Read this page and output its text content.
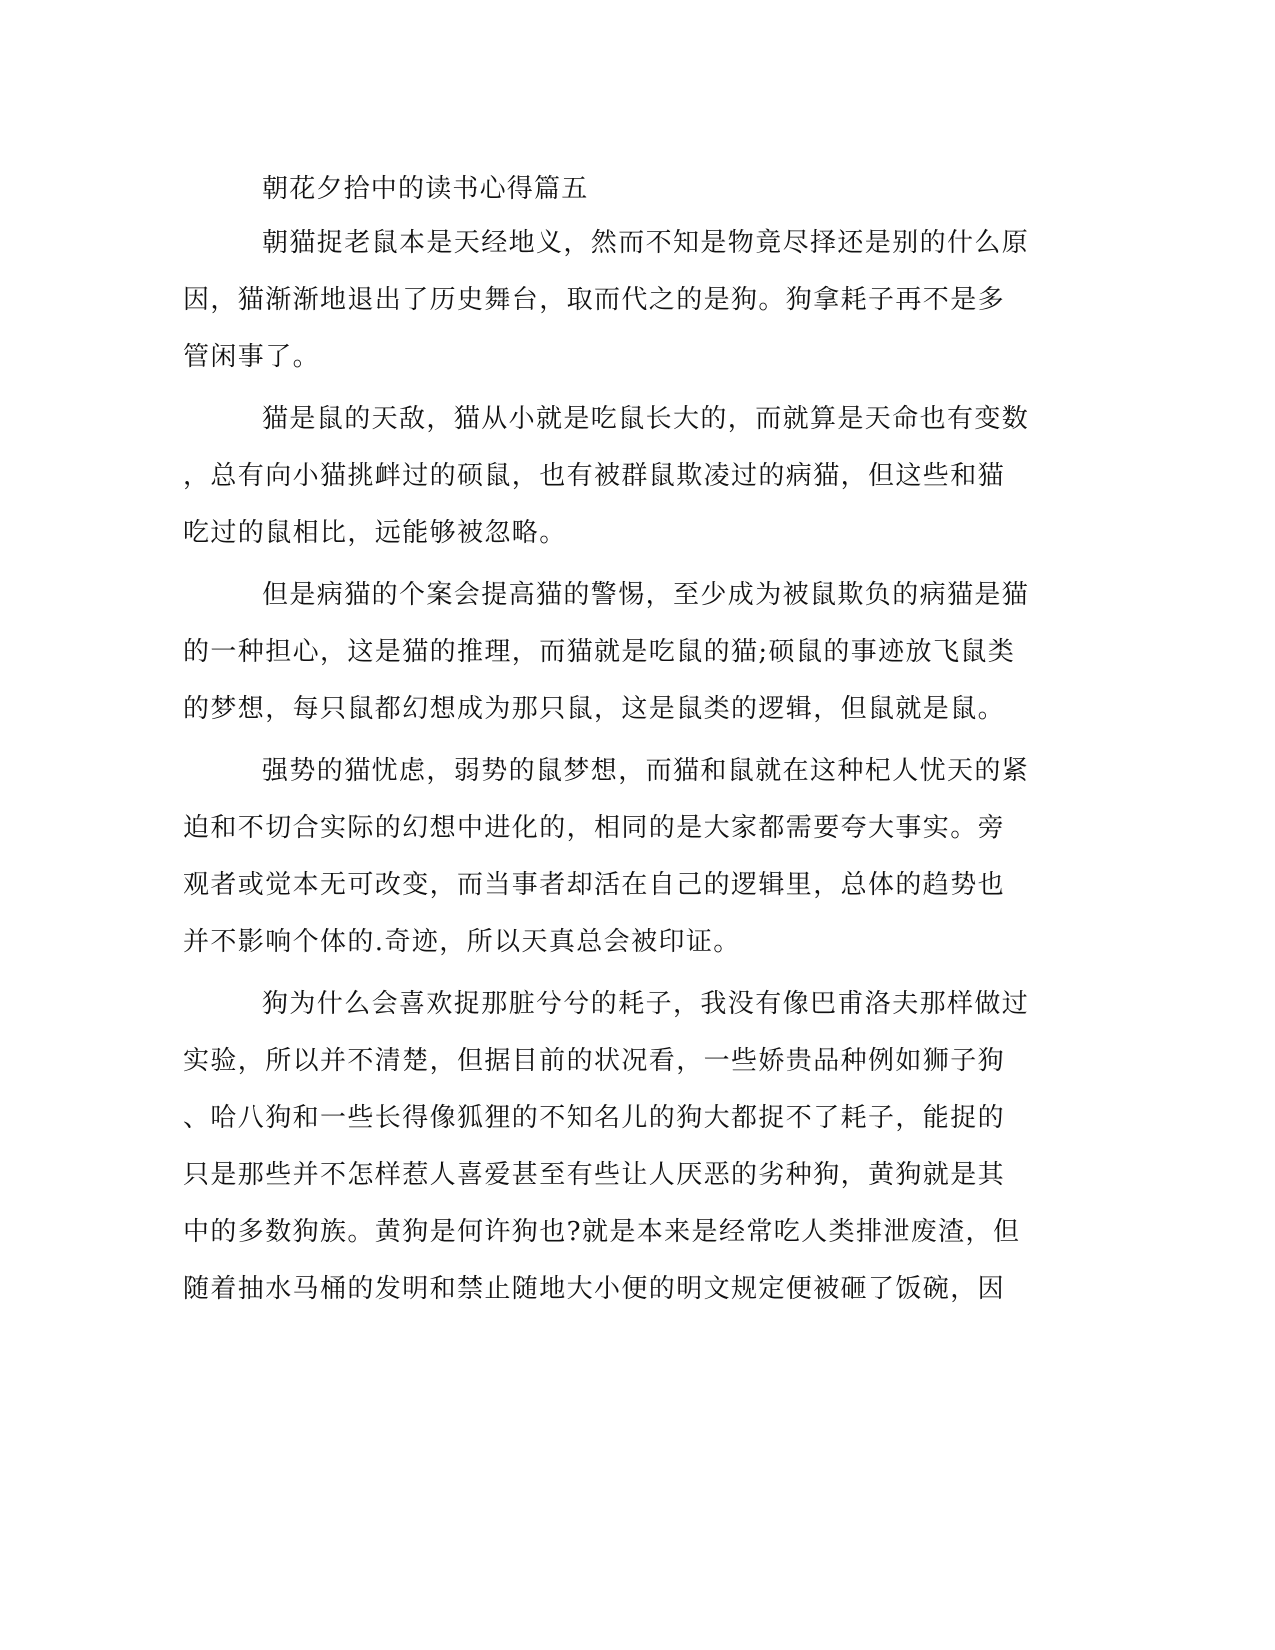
朝花夕拾中的读书心得篇五
朝猫捉老鼠本是天经地义，然而不知是物竟尽择还是别的什么原
因，猫渐渐地退出了历史舞台，取而代之的是狗。狗拿耗子再不是多
管闲事了。
猫是鼠的天敌，猫从小就是吃鼠长大的，而就算是天命也有变数
，总有向小猫挑衅过的硕鼠，也有被群鼠欺凌过的病猫，但这些和猫
吃过的鼠相比，远能够被忽略。
但是病猫的个案会提高猫的警惕，至少成为被鼠欺负的病猫是猫
的一种担心，这是猫的推理，而猫就是吃鼠的猫;硕鼠的事迹放飞鼠类
的梦想，每只鼠都幻想成为那只鼠，这是鼠类的逻辑，但鼠就是鼠。
强势的猫忧虑，弱势的鼠梦想，而猫和鼠就在这种杞人忧天的紧
迫和不切合实际的幻想中进化的，相同的是大家都需要夸大事实。旁
观者或觉本无可改变，而当事者却活在自己的逻辑里，总体的趋势也
并不影响个体的.奇迹，所以天真总会被印证。
狗为什么会喜欢捉那脏兮兮的耗子，我没有像巴甫洛夫那样做过
实验，所以并不清楚，但据目前的状况看，一些娇贵品种例如狮子狗
、哈八狗和一些长得像狐狸的不知名儿的狗大都捉不了耗子，能捉的
只是那些并不怎样惹人喜爱甚至有些让人厌恶的劣种狗，黄狗就是其
中的多数狗族。黄狗是何许狗也?就是本来是经常吃人类排泄废渣，但
随着抽水马桶的发明和禁止随地大小便的明文规定便被砸了饭碗，因
